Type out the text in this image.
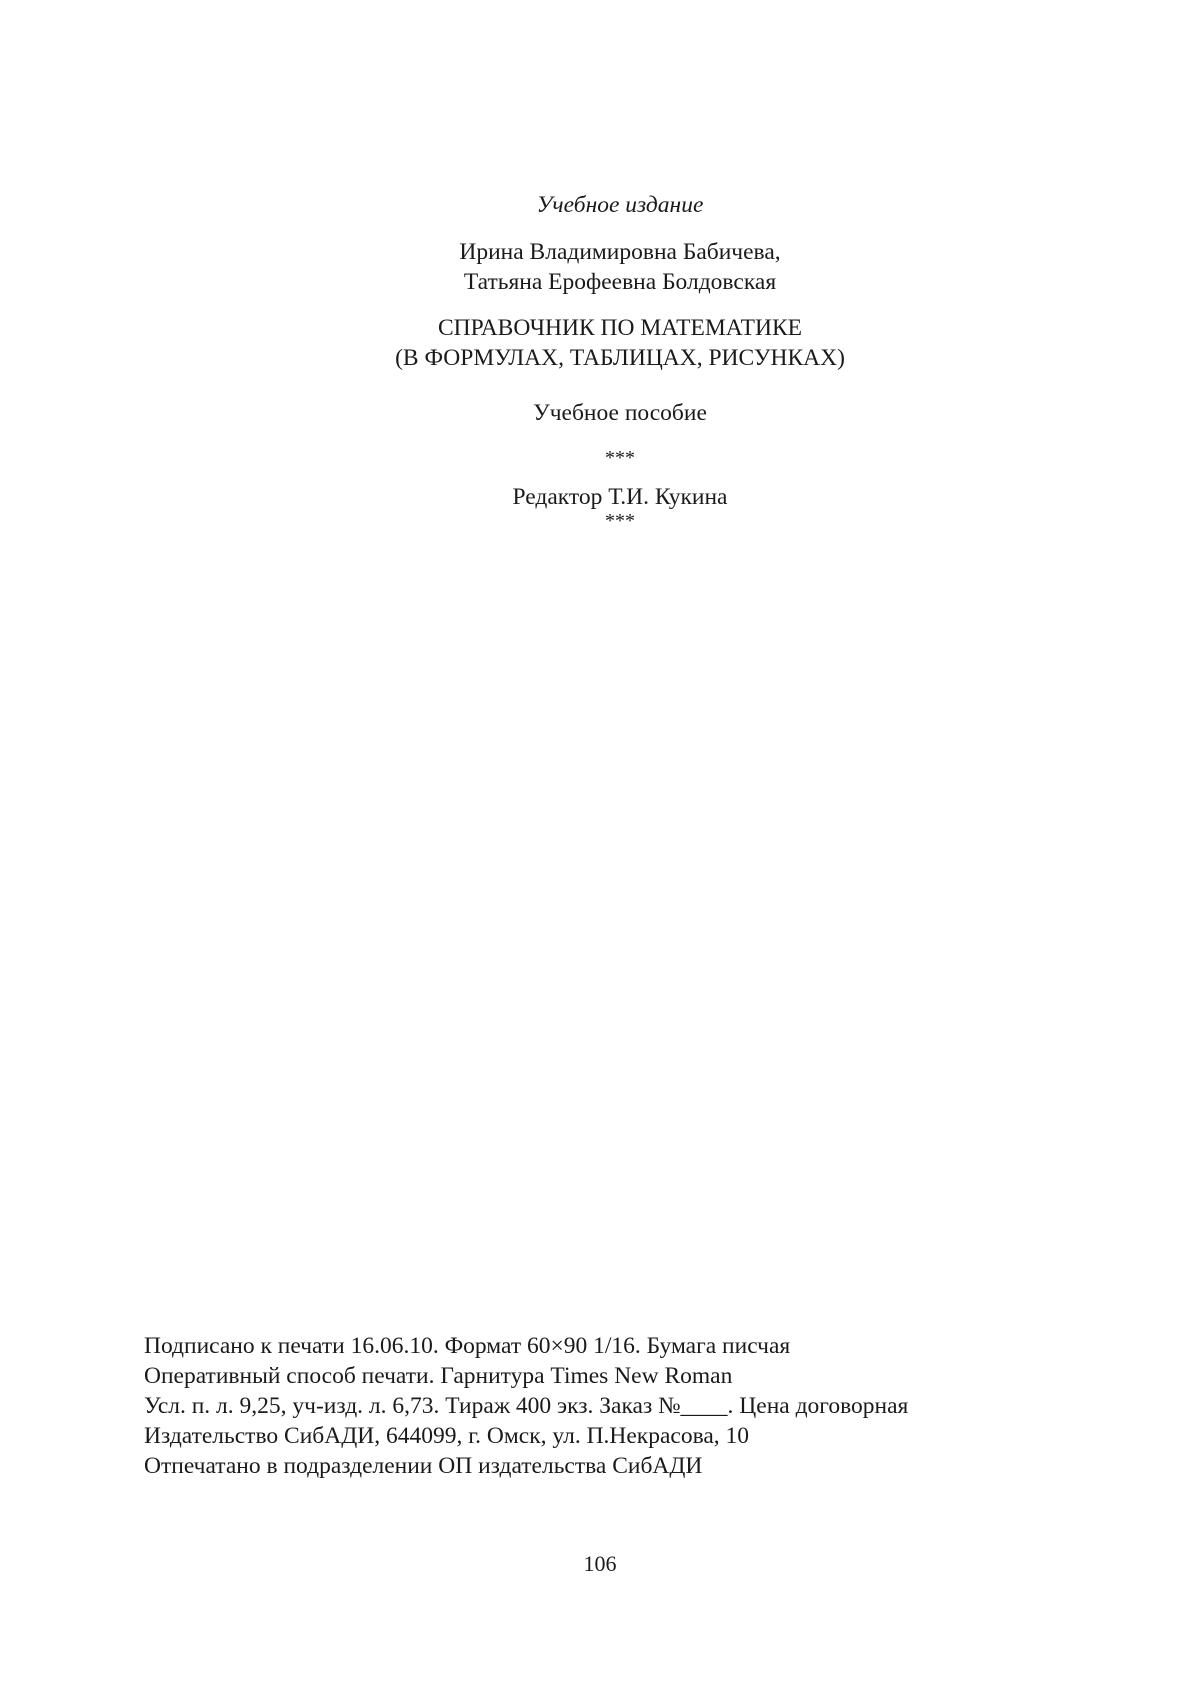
Учебное издание
Ирина Владимировна Бабичева,
Татьяна Ерофеевна Болдовская
СПРАВОЧНИК ПО МАТЕМАТИКЕ
(В ФОРМУЛАХ, ТАБЛИЦАХ, РИСУНКАХ)
Учебное пособие
***
Редактор Т.И. Кукина
***
Подписано к печати 16.06.10. Формат 60×90 1/16. Бумага писчая
Оперативный способ печати. Гарнитура Times New Roman
Усл. п. л. 9,25, уч-изд. л. 6,73. Тираж 400 экз. Заказ №____. Цена договорная
Издательство СибАДИ, 644099, г. Омск, ул. П.Некрасова, 10
Отпечатано в подразделении ОП издательства СибАДИ
106
